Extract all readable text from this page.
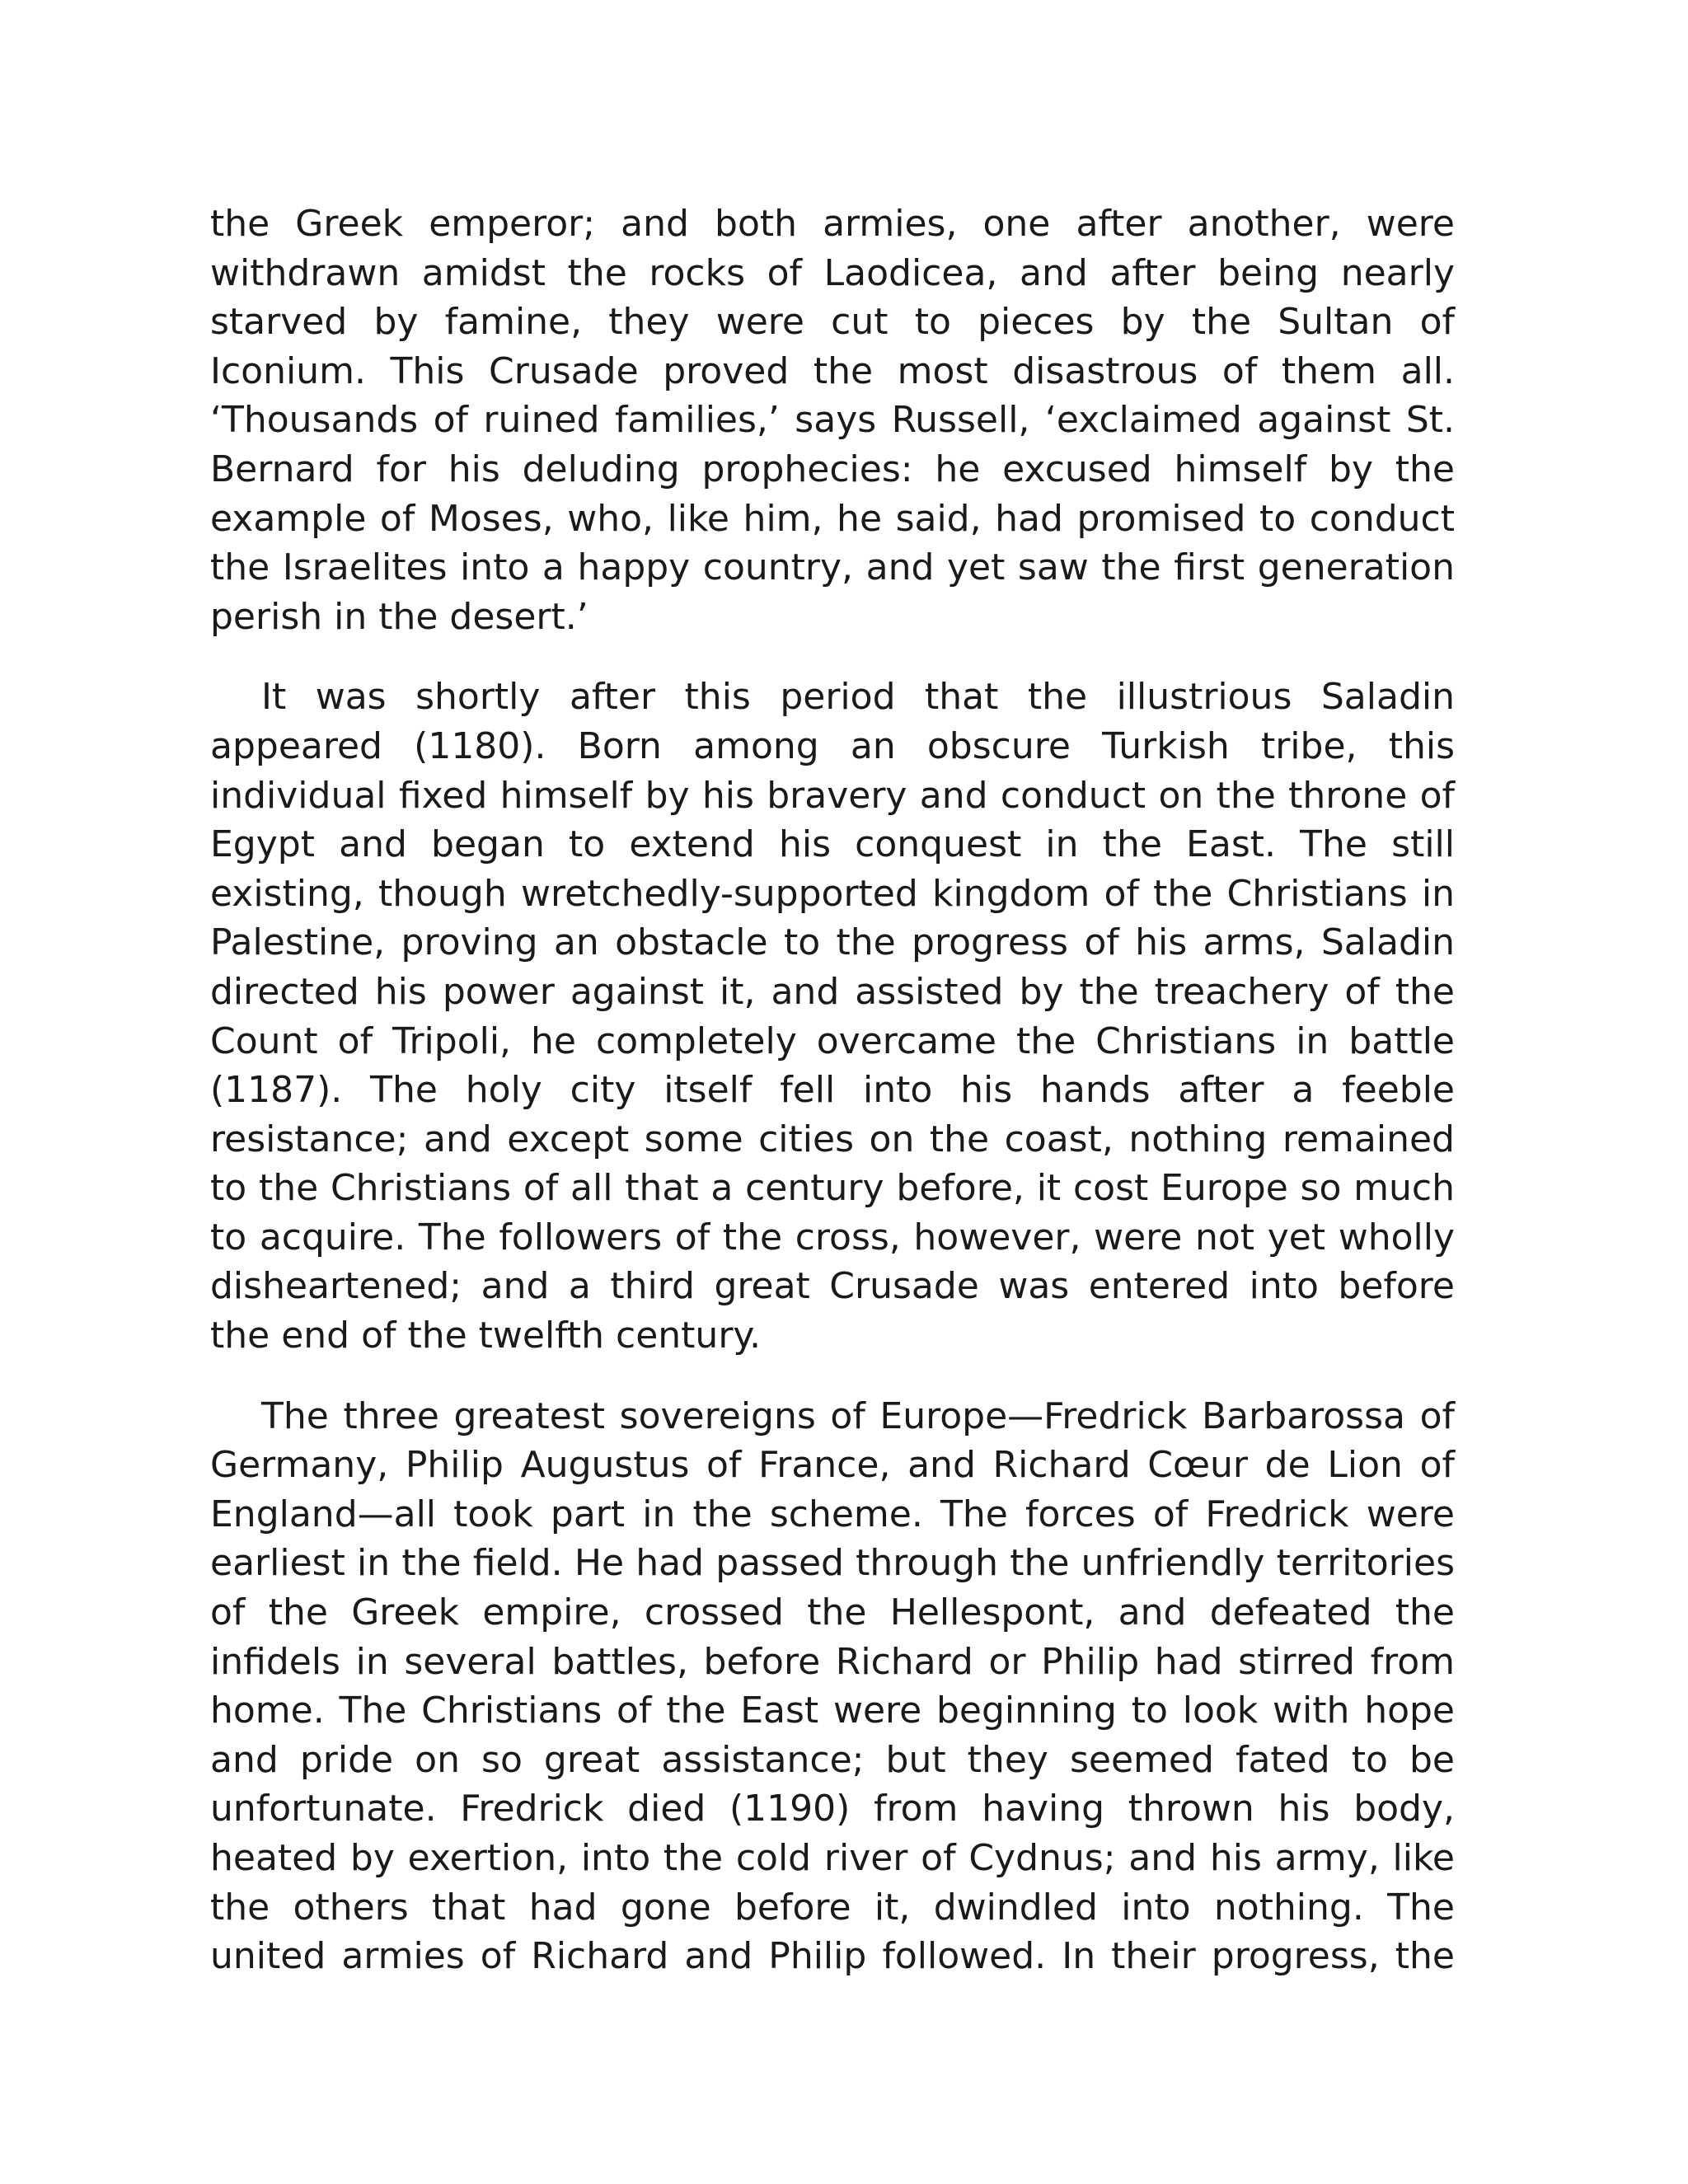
the Greek emperor; and both armies, one after another, were withdrawn amidst the rocks of Laodicea, and after being nearly starved by famine, they were cut to pieces by the Sultan of Iconium. This Crusade proved the most disastrous of them all. ‘Thousands of ruined families,’ says Russell, ‘exclaimed against St. Bernard for his deluding prophecies: he excused himself by the example of Moses, who, like him, he said, had promised to conduct the Israelites into a happy country, and yet saw the first generation perish in the desert.’

It was shortly after this period that the illustrious Saladin appeared (1180). Born among an obscure Turkish tribe, this individual fixed himself by his bravery and conduct on the throne of Egypt and began to extend his conquest in the East. The still existing, though wretchedly-supported kingdom of the Christians in Palestine, proving an obstacle to the progress of his arms, Saladin directed his power against it, and assisted by the treachery of the Count of Tripoli, he completely overcame the Christians in battle (1187). The holy city itself fell into his hands after a feeble resistance; and except some cities on the coast, nothing remained to the Christians of all that a century before, it cost Europe so much to acquire. The followers of the cross, however, were not yet wholly disheartened; and a third great Crusade was entered into before the end of the twelfth century.

The three greatest sovereigns of Europe—Fredrick Barbarossa of Germany, Philip Augustus of France, and Richard Cœur de Lion of England—all took part in the scheme. The forces of Fredrick were earliest in the field. He had passed through the unfriendly territories of the Greek empire, crossed the Hellespont, and defeated the infidels in several battles, before Richard or Philip had stirred from home. The Christians of the East were beginning to look with hope and pride on so great assistance; but they seemed fated to be unfortunate. Fredrick died (1190) from having thrown his body, heated by exertion, into the cold river of Cydnus; and his army, like the others that had gone before it, dwindled into nothing. The united armies of Richard and Philip followed. In their progress, the
